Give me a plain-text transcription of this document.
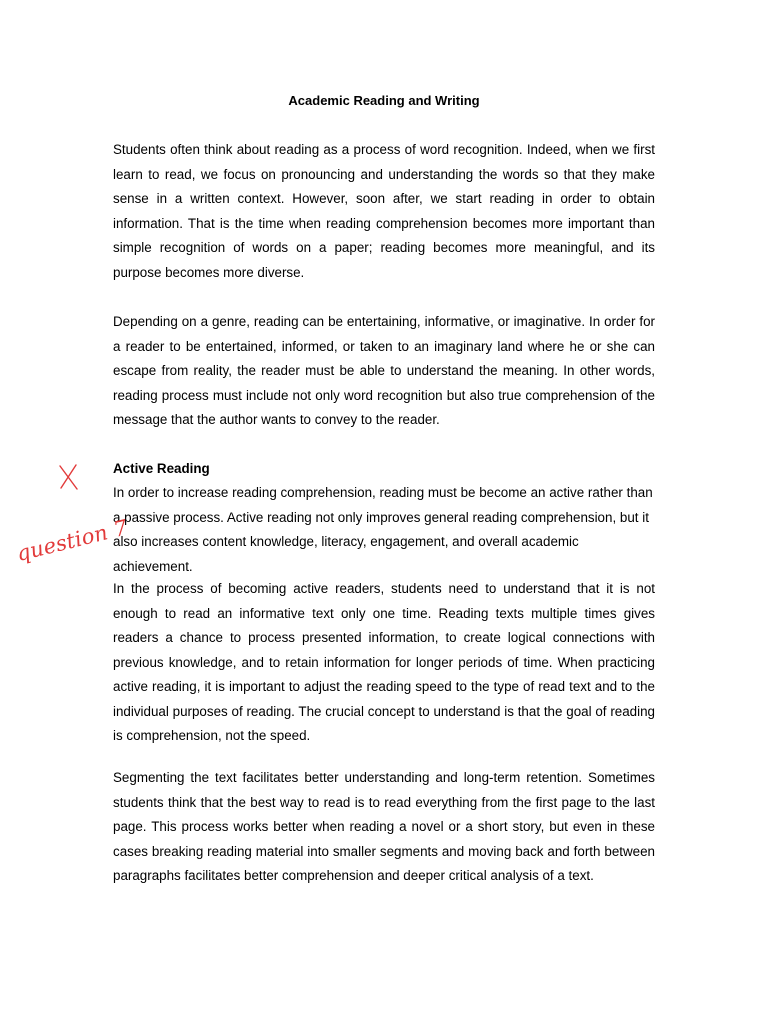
Academic Reading and Writing

Students often think about reading as a process of word recognition. Indeed, when we first learn to read, we focus on pronouncing and understanding the words so that they make sense in a written context. However, soon after, we start reading in order to obtain information. That is the time when reading comprehension becomes more important than simple recognition of words on a paper; reading becomes more meaningful, and its purpose becomes more diverse.

Depending on a genre, reading can be entertaining, informative, or imaginative. In order for a reader to be entertained, informed, or taken to an imaginary land where he or she can escape from reality, the reader must be able to understand the meaning. In other words, reading process must include not only word recognition but also true comprehension of the message that the author wants to convey to the reader.

Active Reading

In order to increase reading comprehension, reading must be become an active rather than a passive process. Active reading not only improves general reading comprehension, but it also increases content knowledge, literacy, engagement, and overall academic achievement.

In the process of becoming active readers, students need to understand that it is not enough to read an informative text only one time. Reading texts multiple times gives readers a chance to process presented information, to create logical connections with previous knowledge, and to retain information for longer periods of time. When practicing active reading, it is important to adjust the reading speed to the type of read text and to the individual purposes of reading. The crucial concept to understand is that the goal of reading is comprehension, not the speed.

Segmenting the text facilitates better understanding and long-term retention. Sometimes students think that the best way to read is to read everything from the first page to the last page. This process works better when reading a novel or a short story, but even in these cases breaking reading material into smaller segments and moving back and forth between paragraphs facilitates better comprehension and deeper critical analysis of a text.

question 7
